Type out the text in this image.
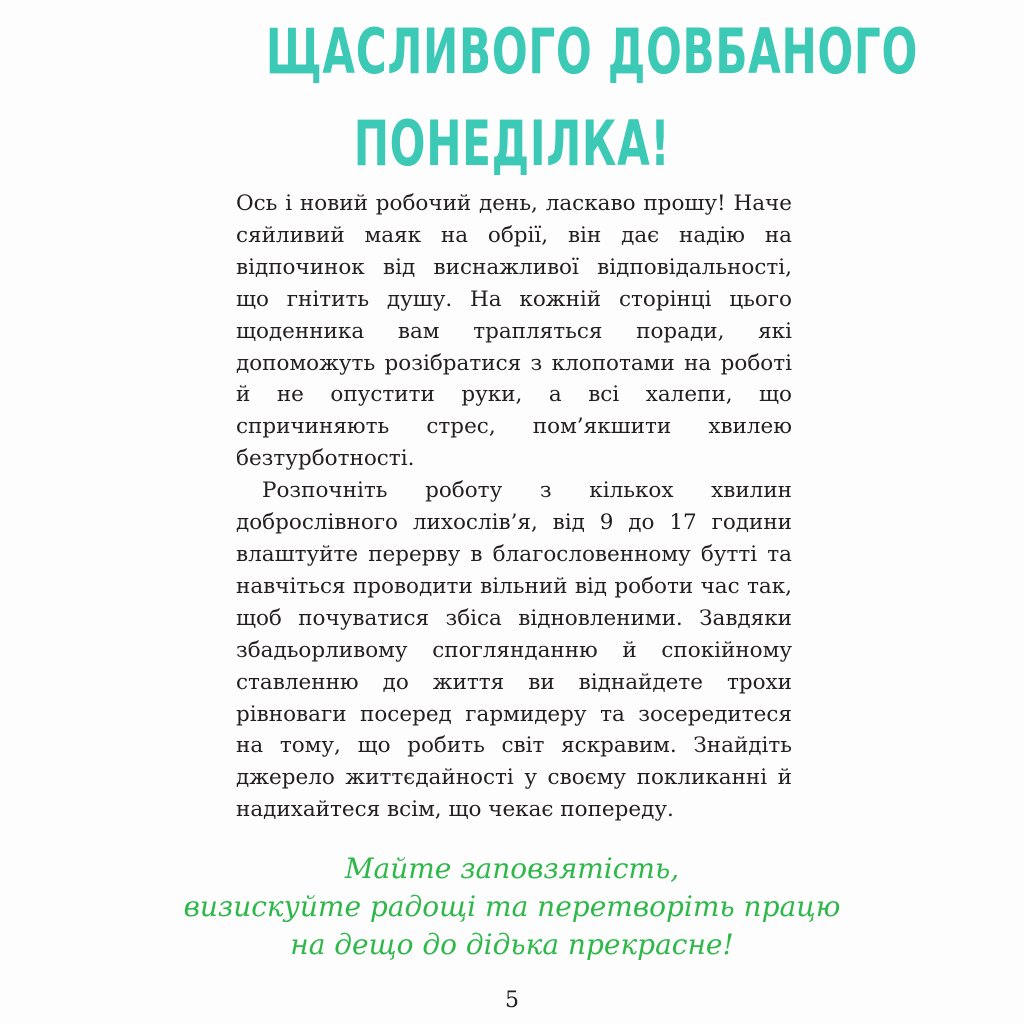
ЩАСЛИВОГО ДОВБАНОГО
ПОНЕДІЛКА!

Ось і новий робочий день, ласкаво прошу! Наче сяйливий маяк на обрії, він дає надію на відпочинок від виснажливої відповідальності, що гнітить душу. На кожній сторінці цього щоденника вам трапляться поради, які допоможуть розібратися з клопотами на роботі й не опустити руки, а всі халепи, що спричиняють стрес, пом’якшити хвилею безтурботності.

Розпочніть роботу з кількох хвилин доброслівного лихослів’я, від 9 до 17 години влаштуйте перерву в благословенному бутті та навчіться проводити вільний від роботи час так, щоб почуватися збіса відновленими. Завдяки збадьорливому споглянданню й спокійному ставленню до життя ви віднайдете трохи рівноваги посеред гармидеру та зосередитеся на тому, що робить світ яскравим. Знайдіть джерело життєдайності у своєму покликанні й надихайтеся всім, що чекає попереду.

Майте заповзятість,
визискуйте радощі та перетворіть працю
на дещо до дідька прекрасне!
5
